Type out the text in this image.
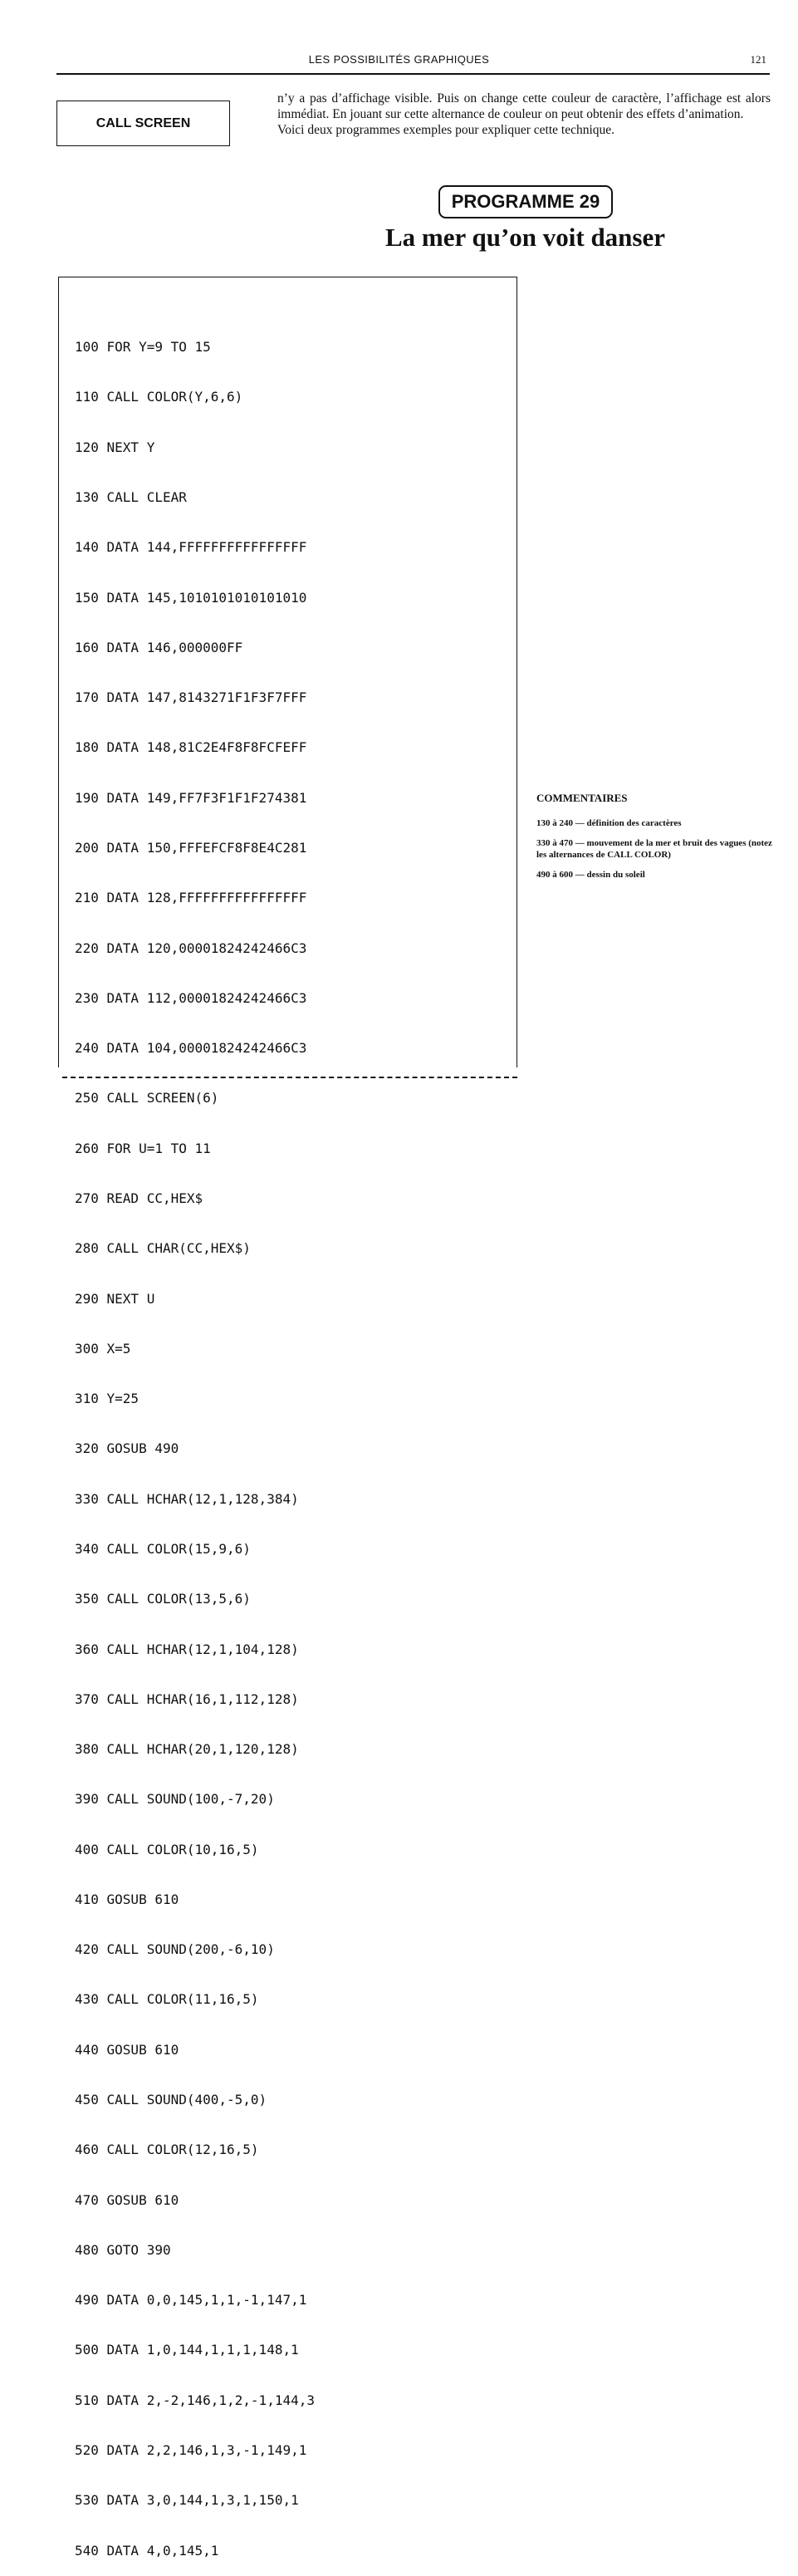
LES POSSIBILITÉS GRAPHIQUES	121
CALL SCREEN

n’y a pas d’affichage visible. Puis on change cette couleur de caractère, l’affichage est alors immédiat. En jouant sur cette alternance de couleur on peut obtenir des effets d’animation.

Voici deux programmes exemples pour expliquer cette technique.

PROGRAMME 29
La mer qu’on voit danser

100 FOR Y=9 TO 15

110 CALL COLOR(Y,6,6)

120 NEXT Y

130 CALL CLEAR

140 DATA 144,FFFFFFFFFFFFFFFF

150 DATA 145,1010101010101010

160 DATA 146,000000FF

170 DATA 147,8143271F1F3F7FFF

180 DATA 148,81C2E4F8F8FCFEFF

190 DATA 149,FF7F3F1F1F274381

200 DATA 150,FFFEFCF8F8E4C281

210 DATA 128,FFFFFFFFFFFFFFFF

220 DATA 120,00001824242466C3

230 DATA 112,00001824242466C3

240 DATA 104,00001824242466C3

250 CALL SCREEN(6)

260 FOR U=1 TO 11

270 READ CC,HEX$

280 CALL CHAR(CC,HEX$)

290 NEXT U

300 X=5

310 Y=25

320 GOSUB 490

330 CALL HCHAR(12,1,128,384)

340 CALL COLOR(15,9,6)

350 CALL COLOR(13,5,6)

360 CALL HCHAR(12,1,104,128)

370 CALL HCHAR(16,1,112,128)

380 CALL HCHAR(20,1,120,128)

390 CALL SOUND(100,-7,20)

400 CALL COLOR(10,16,5)

410 GOSUB 610

420 CALL SOUND(200,-6,10)

430 CALL COLOR(11,16,5)

440 GOSUB 610

450 CALL SOUND(400,-5,0)

460 CALL COLOR(12,16,5)

470 GOSUB 610

480 GOTO 390

490 DATA 0,0,145,1,1,-1,147,1

500 DATA 1,0,144,1,1,1,148,1

510 DATA 2,-2,146,1,2,-1,144,3

520 DATA 2,2,146,1,3,-1,149,1

530 DATA 3,0,144,1,3,1,150,1

540 DATA 4,0,145,1

COMMENTAIRES

130 à 240 — définition des caractères

330 à 470 — mouvement de la mer et bruit des vagues (notez les alternances de CALL COLOR)

490 à 600 — dessin du soleil
